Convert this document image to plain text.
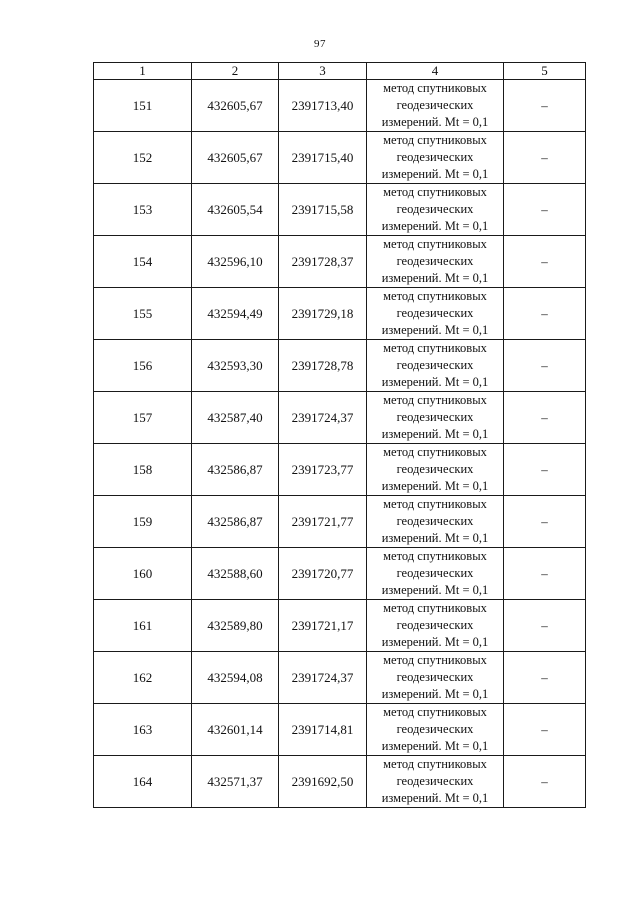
97
1	2	3	4	5
151	432605,67	2391713,40	метод спутниковых
геодезических
измерений. Mt = 0,1	–
152	432605,67	2391715,40	метод спутниковых
геодезических
измерений. Mt = 0,1	–
153	432605,54	2391715,58	метод спутниковых
геодезических
измерений. Mt = 0,1	–
154	432596,10	2391728,37	метод спутниковых
геодезических
измерений. Mt = 0,1	–
155	432594,49	2391729,18	метод спутниковых
геодезических
измерений. Mt = 0,1	–
156	432593,30	2391728,78	метод спутниковых
геодезических
измерений. Mt = 0,1	–
157	432587,40	2391724,37	метод спутниковых
геодезических
измерений. Mt = 0,1	–
158	432586,87	2391723,77	метод спутниковых
геодезических
измерений. Mt = 0,1	–
159	432586,87	2391721,77	метод спутниковых
геодезических
измерений. Mt = 0,1	–
160	432588,60	2391720,77	метод спутниковых
геодезических
измерений. Mt = 0,1	–
161	432589,80	2391721,17	метод спутниковых
геодезических
измерений. Mt = 0,1	–
162	432594,08	2391724,37	метод спутниковых
геодезических
измерений. Mt = 0,1	–
163	432601,14	2391714,81	метод спутниковых
геодезических
измерений. Mt = 0,1	–
164	432571,37	2391692,50	метод спутниковых
геодезических
измерений. Mt = 0,1	–
